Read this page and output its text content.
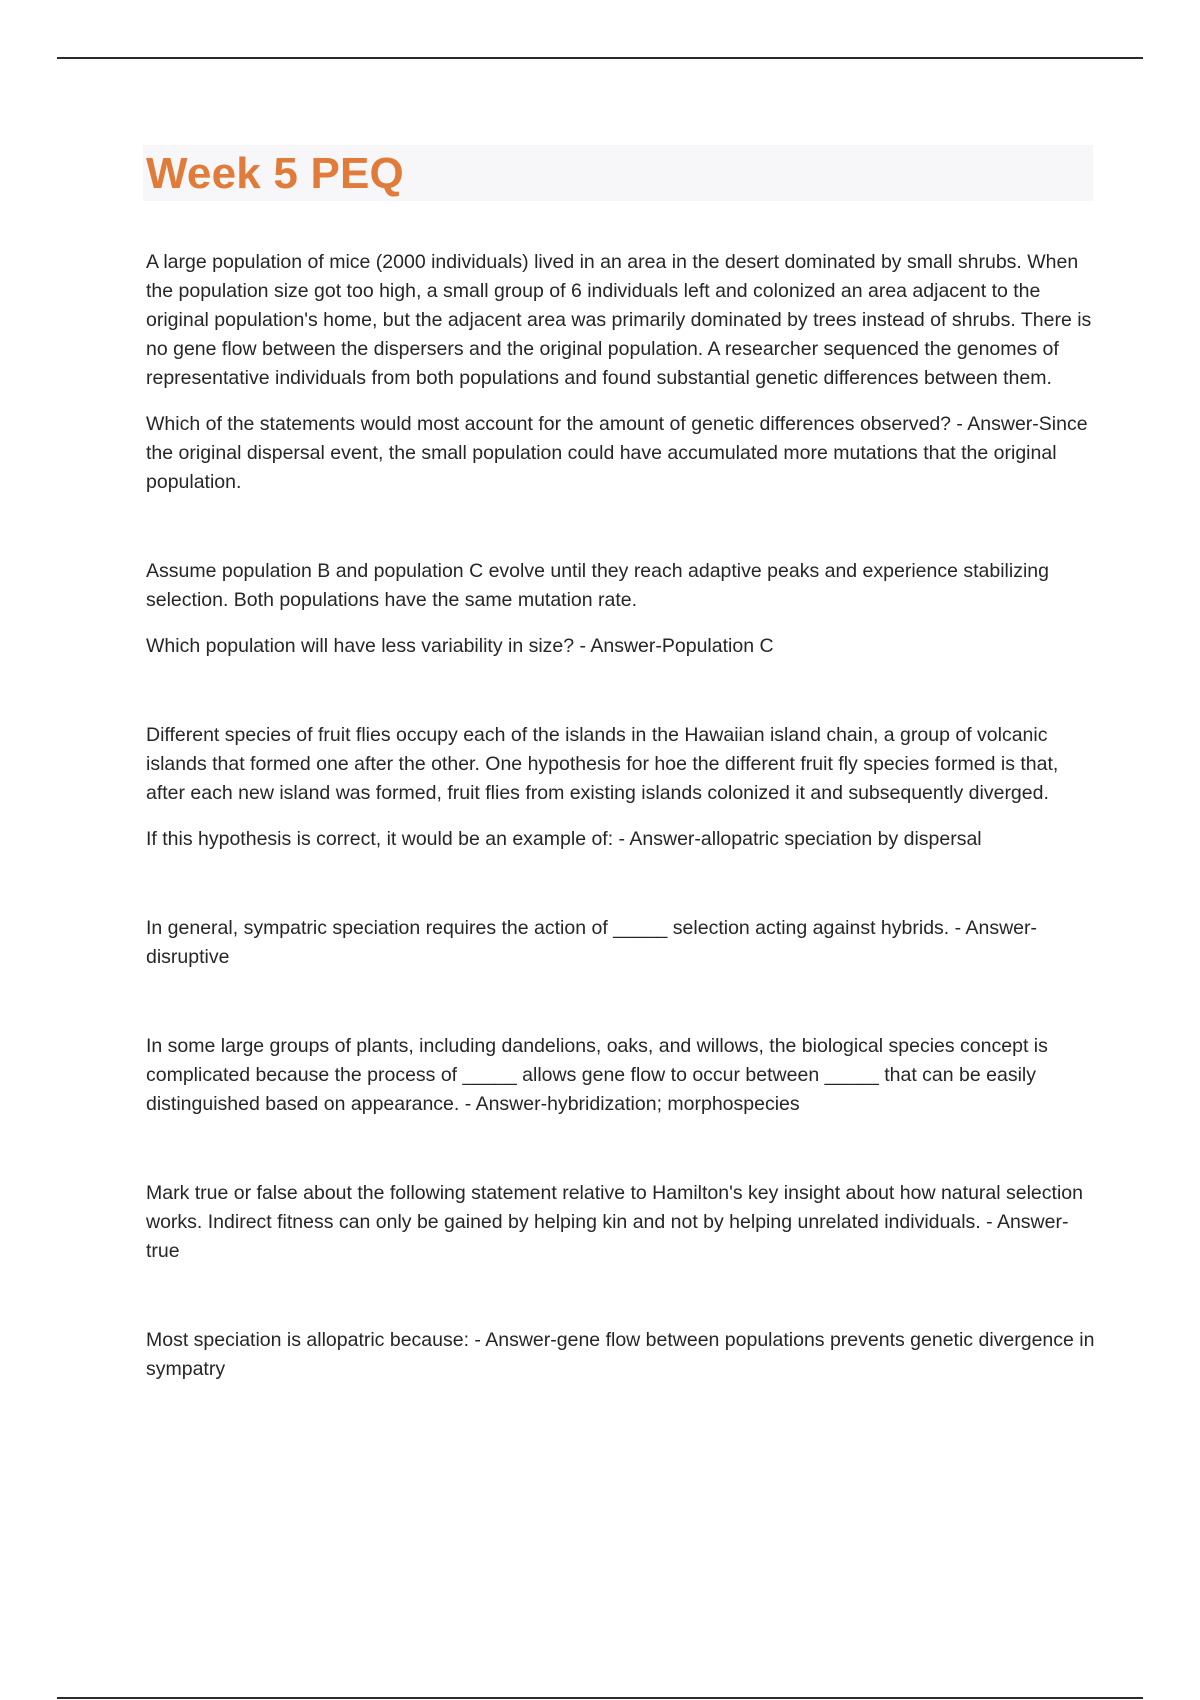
Week 5 PEQ

A large population of mice (2000 individuals) lived in an area in the desert dominated by small shrubs. When the population size got too high, a small group of 6 individuals left and colonized an area adjacent to the original population's home, but the adjacent area was primarily dominated by trees instead of shrubs. There is no gene flow between the dispersers and the original population. A researcher sequenced the genomes of representative individuals from both populations and found substantial genetic differences between them.

Which of the statements would most account for the amount of genetic differences observed? - Answer-Since the original dispersal event, the small population could have accumulated more mutations that the original population.

Assume population B and population C evolve until they reach adaptive peaks and experience stabilizing selection. Both populations have the same mutation rate.

Which population will have less variability in size? - Answer-Population C

Different species of fruit flies occupy each of the islands in the Hawaiian island chain, a group of volcanic islands that formed one after the other. One hypothesis for hoe the different fruit fly species formed is that, after each new island was formed, fruit flies from existing islands colonized it and subsequently diverged.

If this hypothesis is correct, it would be an example of: - Answer-allopatric speciation by dispersal

In general, sympatric speciation requires the action of _____ selection acting against hybrids. - Answer-disruptive

In some large groups of plants, including dandelions, oaks, and willows, the biological species concept is complicated because the process of _____ allows gene flow to occur between _____ that can be easily distinguished based on appearance. - Answer-hybridization; morphospecies

Mark true or false about the following statement relative to Hamilton's key insight about how natural selection works. Indirect fitness can only be gained by helping kin and not by helping unrelated individuals. - Answer-true

Most speciation is allopatric because: - Answer-gene flow between populations prevents genetic divergence in sympatry
